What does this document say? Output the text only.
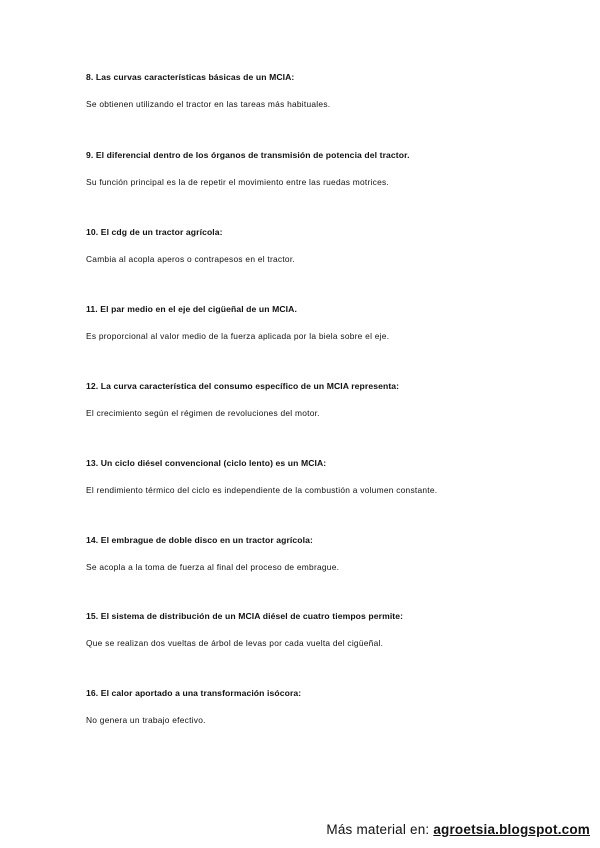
8. Las curvas características básicas de un MCIA:
Se obtienen utilizando el tractor en las tareas más habituales.
9. El diferencial dentro de los órganos de transmisión de potencia del tractor.
Su función principal es la de repetir el movimiento entre las ruedas motrices.
10. El cdg de un tractor agrícola:
Cambia al acopla aperos o contrapesos en el tractor.
11. El par medio en el eje del cigüeñal de un MCIA.
Es proporcional al valor medio de la fuerza aplicada por la biela sobre el eje.
12. La curva característica del consumo específico de un MCIA representa:
El crecimiento según el régimen de revoluciones del motor.
13. Un ciclo diésel convencional (ciclo lento) es un MCIA:
El rendimiento térmico del ciclo es independiente de la combustión a volumen constante.
14. El embrague de doble disco en un tractor agrícola:
Se acopla a la toma de fuerza al final del proceso de embrague.
15. El sistema de distribución de un MCIA diésel de cuatro tiempos permite:
Que se realizan dos vueltas de árbol de levas por cada vuelta del cigüeñal.
16. El calor aportado a una transformación isócora:
No genera un trabajo efectivo.
Más material en: agroetsia.blogspot.com
